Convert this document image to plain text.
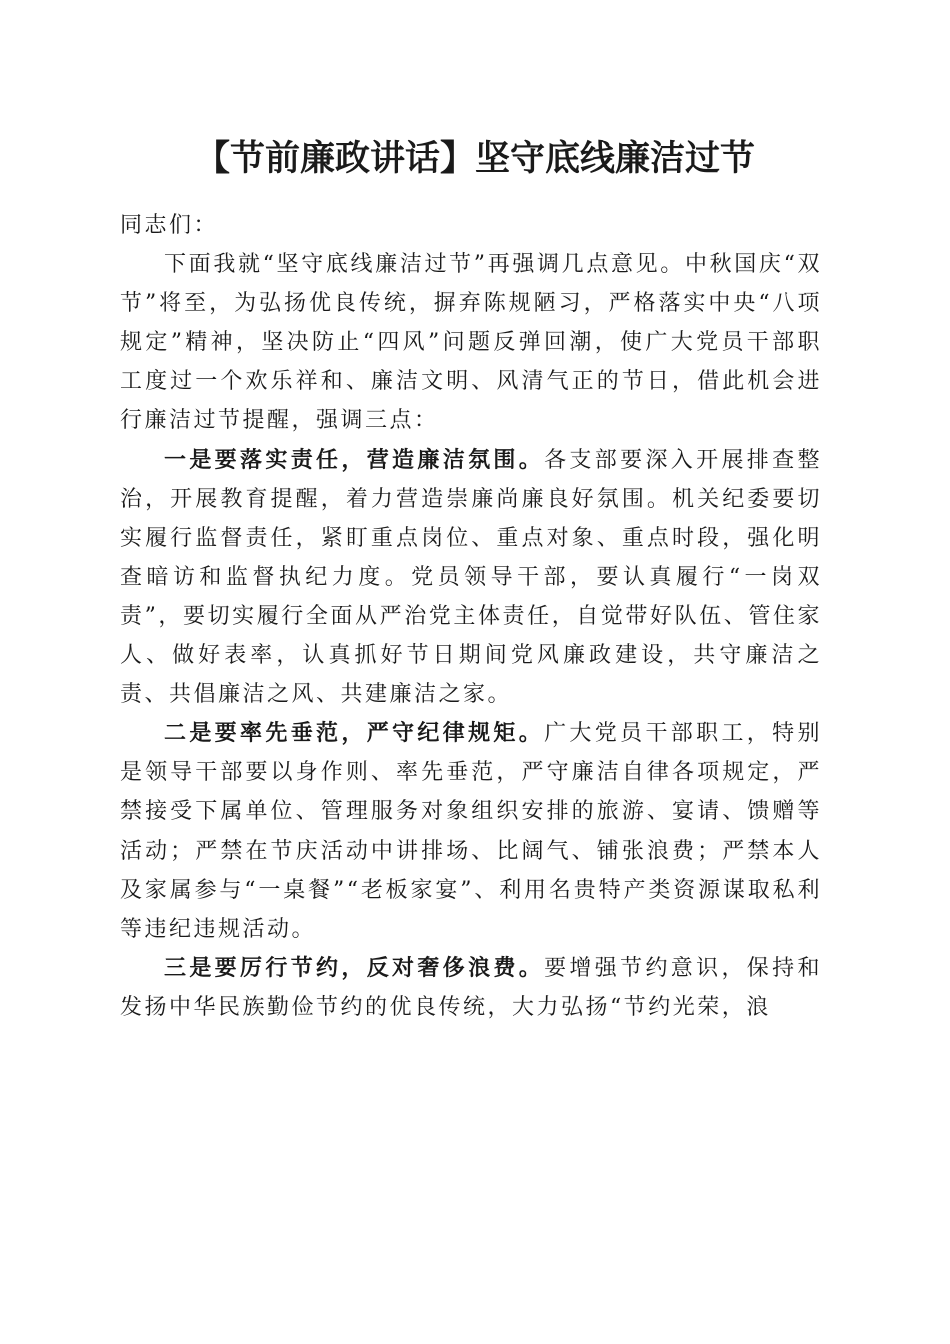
【节前廉政讲话】坚守底线廉洁过节

同志们：

下面我就“坚守底线廉洁过节”再强调几点意见。中秋国庆“双节”将至，为弘扬优良传统，摒弃陈规陋习，严格落实中央“八项规定”精神，坚决防止“四风”问题反弹回潮，使广大党员干部职工度过一个欢乐祥和、廉洁文明、风清气正的节日，借此机会进行廉洁过节提醒，强调三点：

一是要落实责任，营造廉洁氛围。各支部要深入开展排查整治，开展教育提醒，着力营造崇廉尚廉良好氛围。机关纪委要切实履行监督责任，紧盯重点岗位、重点对象、重点时段，强化明查暗访和监督执纪力度。党员领导干部，要认真履行“一岗双责”，要切实履行全面从严治党主体责任，自觉带好队伍、管住家人、做好表率，认真抓好节日期间党风廉政建设，共守廉洁之责、共倡廉洁之风、共建廉洁之家。

二是要率先垂范，严守纪律规矩。广大党员干部职工，特别是领导干部要以身作则、率先垂范，严守廉洁自律各项规定，严禁接受下属单位、管理服务对象组织安排的旅游、宴请、馈赠等活动；严禁在节庆活动中讲排场、比阔气、铺张浪费；严禁本人及家属参与“一桌餐”“老板家宴”、利用名贵特产类资源谋取私利等违纪违规活动。

三是要厉行节约，反对奢侈浪费。要增强节约意识，保持和发扬中华民族勤俭节约的优良传统，大力弘扬“节约光荣，浪
